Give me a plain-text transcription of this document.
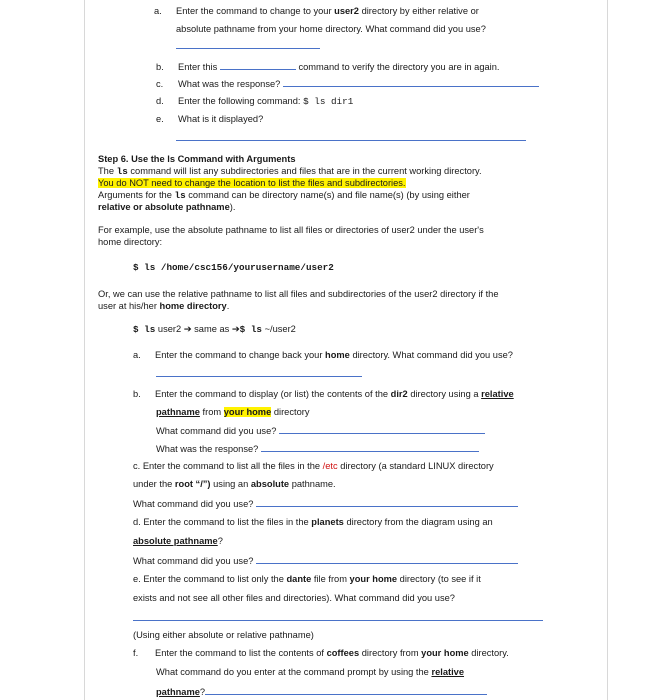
a. Enter the command to change to your user2 directory by either relative or
absolute pathname from your home directory. What command did you use?
b. Enter this	command to verify the directory you are in again.
c. What was the response?
d. Enter the following command: $ ls dir1
e. What is it displayed?
Step 6. Use the ls Command with Arguments
The ls command will list any subdirectories and files that are in the current working directory.
You do NOT need to change the location to list the files and subdirectories.
Arguments for the ls command can be directory name(s) and file name(s) (by using either
relative or absolute pathname).
For example, use the absolute pathname to list all files or directories of user2 under the user's
home directory:
$ ls /home/csc156/yourusername/user2
Or, we can use the relative pathname to list all files and subdirectories of the user2 directory if the
user at his/her home directory.
$ ls user2 ➔ same as ➔$ ls ~/user2
a. Enter the command to change back your home directory. What command did you use?
b. Enter the command to display (or list) the contents of the dir2 directory using a relative
pathname from your home directory
What command did you use?
What was the response?
c. Enter the command to list all the files in the /etc directory (a standard LINUX directory
under the root “/”) using an absolute pathname.
What command did you use?
d. Enter the command to list the files in the planets directory from the diagram using an
absolute pathname?
What command did you use?
e. Enter the command to list only the dante file from your home directory (to see if it
exists and not see all other files and directories). What command did you use?
(Using either absolute or relative pathname)
f. Enter the command to list the contents of coffees directory from your home directory.
What command do you enter at the command prompt by using the relative
pathname?
